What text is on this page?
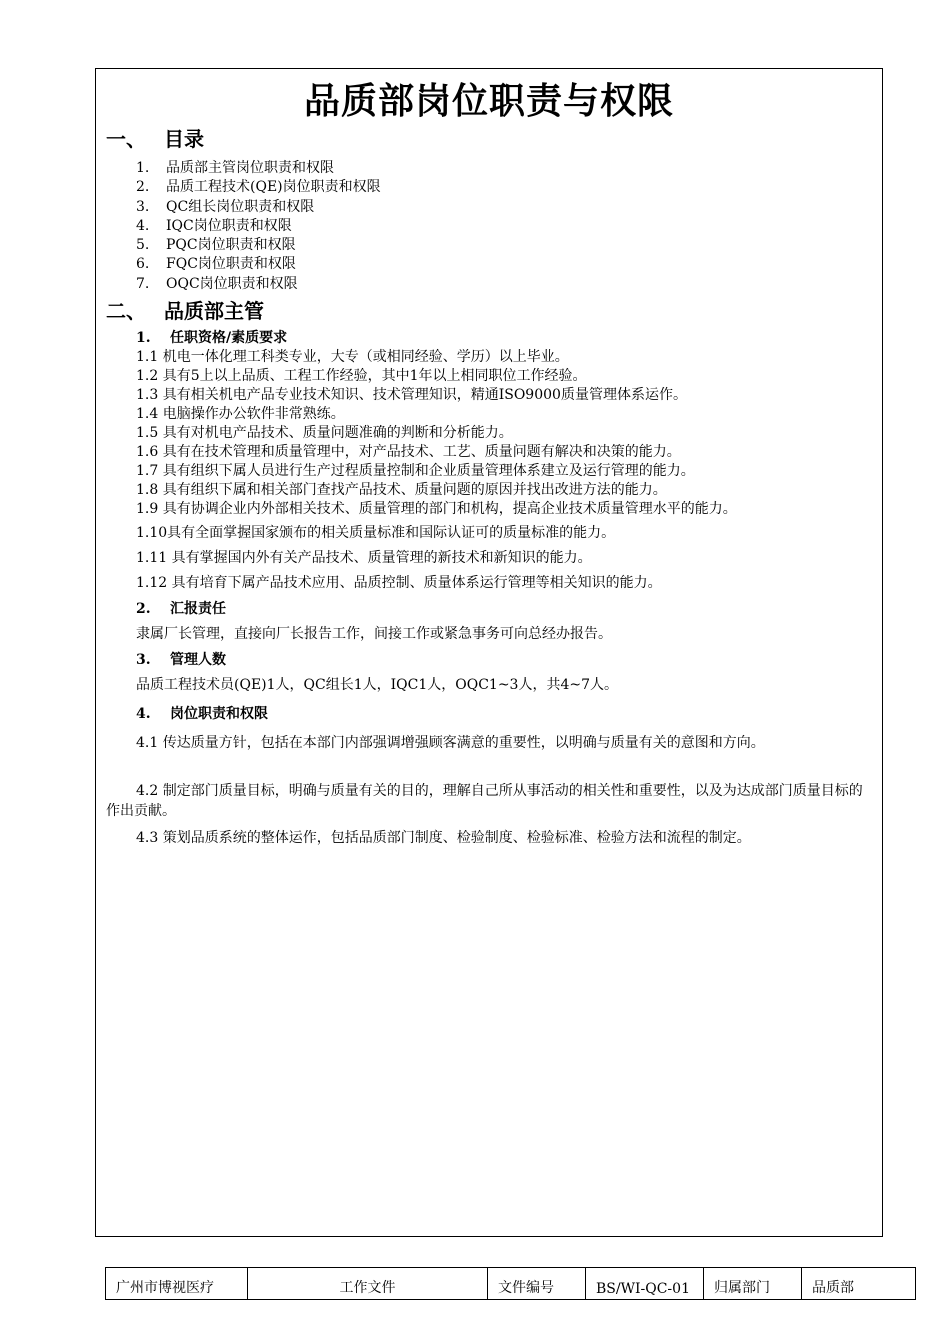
品质部岗位职责与权限
一、 目录
1. 品质部主管岗位职责和权限
2. 品质工程技术(QE)岗位职责和权限
3. QC组长岗位职责和权限
4. IQC岗位职责和权限
5. PQC岗位职责和权限
6. FQC岗位职责和权限
7. OQC岗位职责和权限
二、 品质部主管
1. 任职资格/素质要求
1.1 机电一体化理工科类专业，大专（或相同经验、学历）以上毕业。
1.2 具有5上以上品质、工程工作经验，其中1年以上相同职位工作经验。
1.3 具有相关机电产品专业技术知识、技术管理知识，精通ISO9000质量管理体系运作。
1.4 电脑操作办公软件非常熟练。
1.5 具有对机电产品技术、质量问题准确的判断和分析能力。
1.6 具有在技术管理和质量管理中，对产品技术、工艺、质量问题有解决和决策的能力。
1.7 具有组织下属人员进行生产过程质量控制和企业质量管理体系建立及运行管理的能力。
1.8 具有组织下属和相关部门查找产品技术、质量问题的原因并找出改进方法的能力。
1.9 具有协调企业内外部相关技术、质量管理的部门和机构，提高企业技术质量管理水平的能力。
1.10具有全面掌握国家颁布的相关质量标准和国际认证可的质量标准的能力。
1.11 具有掌握国内外有关产品技术、质量管理的新技术和新知识的能力。
1.12 具有培育下属产品技术应用、品质控制、质量体系运行管理等相关知识的能力。
2. 汇报责任
隶属厂长管理，直接向厂长报告工作，间接工作或紧急事务可向总经办报告。
3. 管理人数
品质工程技术员(QE)1人，QC组长1人，IQC1人，OQC1~3人，共4~7人。
4. 岗位职责和权限

4.1 传达质量方针，包括在本部门内部强调增强顾客满意的重要性，以明确与质量有关的意图和方向。

4.2 制定部门质量目标，明确与质量有关的目的，理解自己所从事活动的相关性和重要性，以及为达成部门质量目标的作出贡献。

4.3 策划品质系统的整体运作，包括品质部门制度、检验制度、检验标准、检验方法和流程的制定。

广州市博视医疗	工作文件	文件编号	BS/WI-QC-01	归属部门	品质部
